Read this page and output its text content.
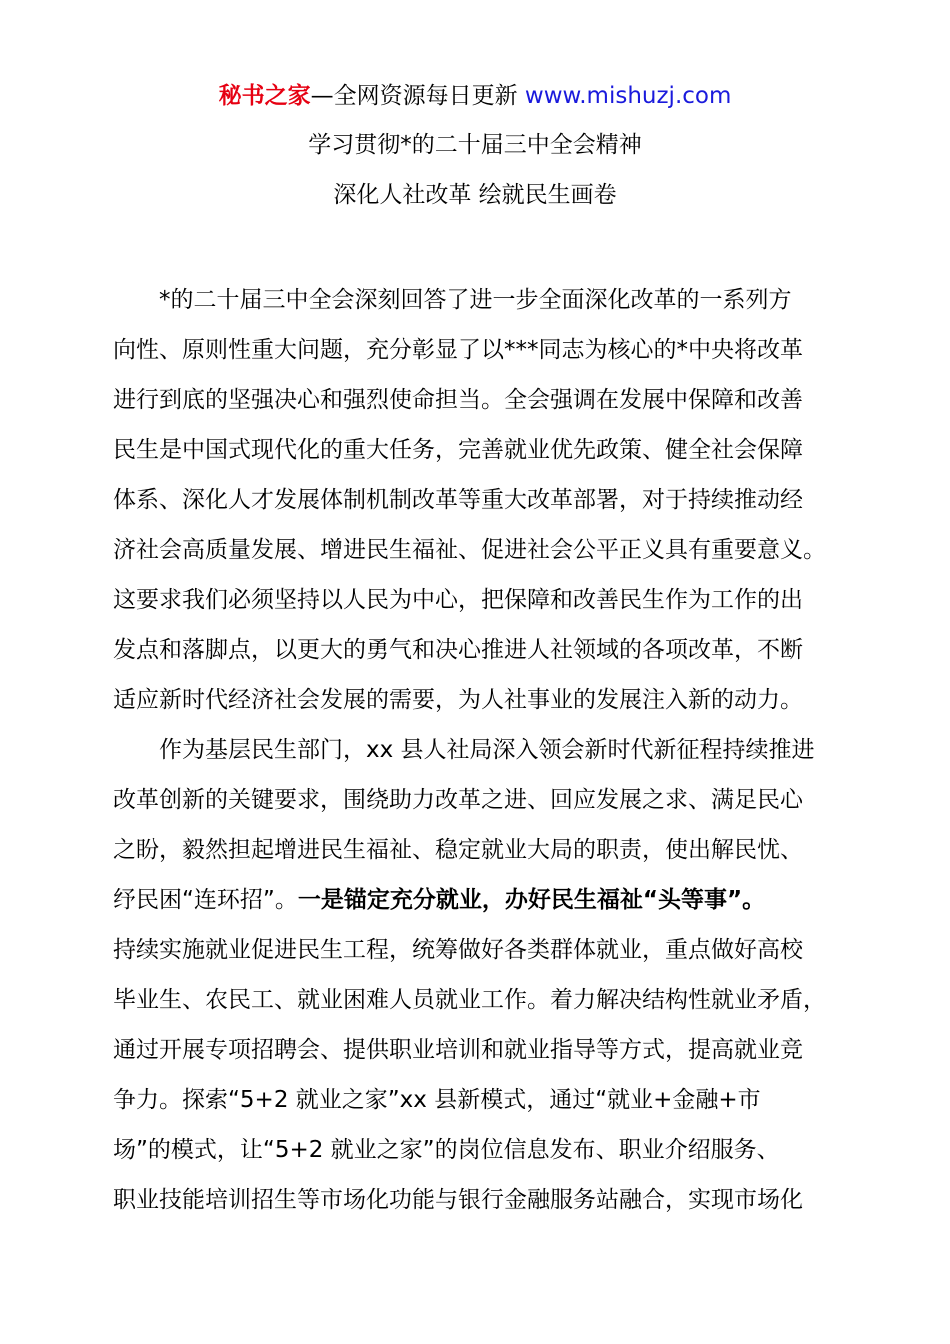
秘书之家—全网资源每日更新 www.mishuzj.com
学习贯彻*的二十届三中全会精神
深化人社改革 绘就民生画卷
*的二十届三中全会深刻回答了进一步全面深化改革的一系列方
向性、原则性重大问题，充分彰显了以***同志为核心的*中央将改革
进行到底的坚强决心和强烈使命担当。全会强调在发展中保障和改善
民生是中国式现代化的重大任务，完善就业优先政策、健全社会保障
体系、深化人才发展体制机制改革等重大改革部署，对于持续推动经
济社会高质量发展、增进民生福祉、促进社会公平正义具有重要意义。
这要求我们必须坚持以人民为中心，把保障和改善民生作为工作的出
发点和落脚点，以更大的勇气和决心推进人社领域的各项改革，不断
适应新时代经济社会发展的需要，为人社事业的发展注入新的动力。
作为基层民生部门，xx 县人社局深入领会新时代新征程持续推进
改革创新的关键要求，围绕助力改革之进、回应发展之求、满足民心
之盼，毅然担起增进民生福祉、稳定就业大局的职责，使出解民忧、
纾民困“连环招”。一是锚定充分就业，办好民生福祉“头等事”。
持续实施就业促进民生工程，统筹做好各类群体就业，重点做好高校
毕业生、农民工、就业困难人员就业工作。着力解决结构性就业矛盾，
通过开展专项招聘会、提供职业培训和就业指导等方式，提高就业竞
争力。探索“5+2 就业之家”xx 县新模式，通过“就业+金融+市
场”的模式，让“5+2 就业之家”的岗位信息发布、职业介绍服务、
职业技能培训招生等市场化功能与银行金融服务站融合，实现市场化
